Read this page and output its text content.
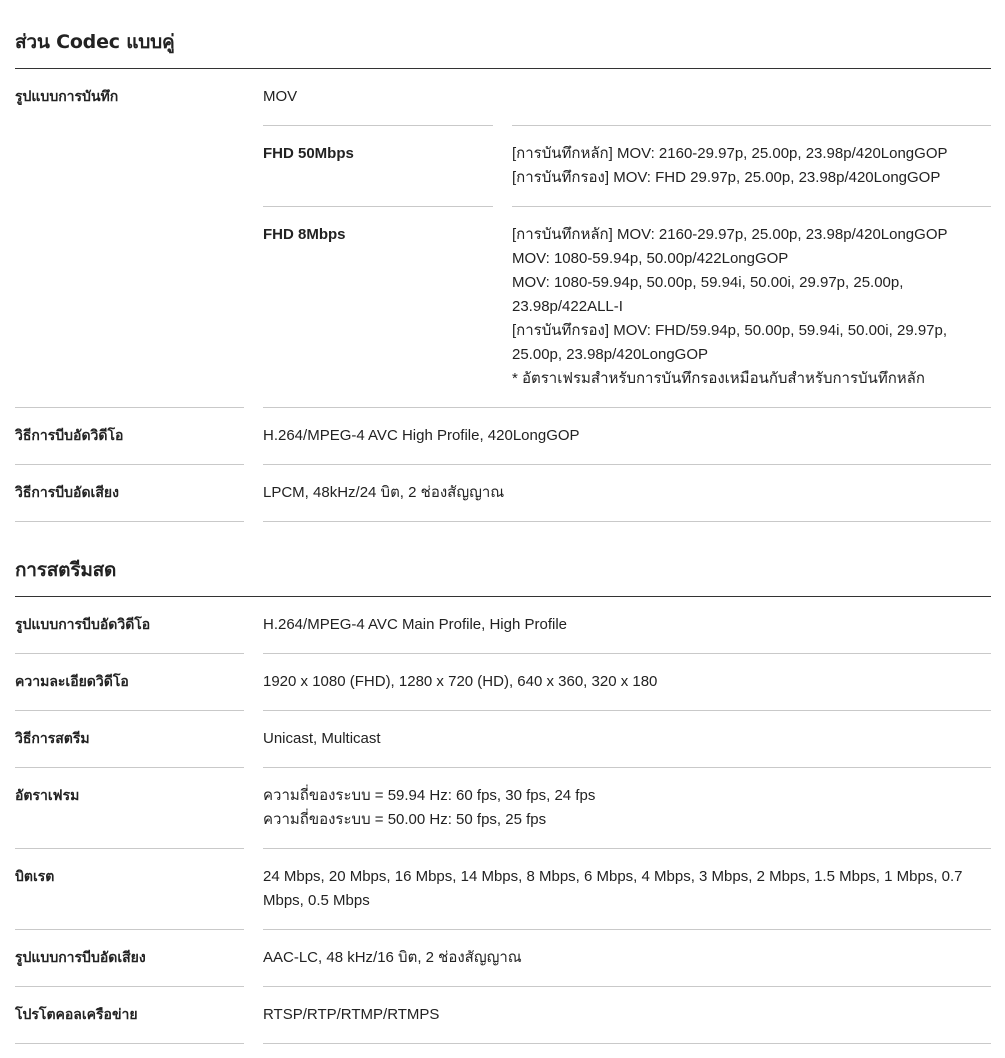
ส่วน Codec แบบคู่
รูปแบบการบันทึก	MOV
FHD 50Mbps	[การบันทึกหลัก] MOV: 2160-29.97p, 25.00p, 23.98p/420LongGOP
[การบันทึกรอง] MOV: FHD 29.97p, 25.00p, 23.98p/420LongGOP
FHD 8Mbps	[การบันทึกหลัก] MOV: 2160-29.97p, 25.00p, 23.98p/420LongGOP
MOV: 1080-59.94p, 50.00p/422LongGOP
MOV: 1080-59.94p, 50.00p, 59.94i, 50.00i, 29.97p, 25.00p, 23.98p/422ALL-I
[การบันทึกรอง] MOV: FHD/59.94p, 50.00p, 59.94i, 50.00i, 29.97p, 25.00p, 23.98p/420LongGOP
* อัตราเฟรมสำหรับการบันทึกรองเหมือนกับสำหรับการบันทึกหลัก
วิธีการบีบอัดวิดีโอ	H.264/MPEG-4 AVC High Profile, 420LongGOP
วิธีการบีบอัดเสียง	LPCM, 48kHz/24 บิต, 2 ช่องสัญญาณ
การสตรีมสด
รูปแบบการบีบอัดวิดีโอ	H.264/MPEG-4 AVC Main Profile, High Profile
ความละเอียดวิดีโอ	1920 x 1080 (FHD), 1280 x 720 (HD), 640 x 360, 320 x 180
วิธีการสตรีม	Unicast, Multicast
อัตราเฟรม	ความถี่ของระบบ = 59.94 Hz: 60 fps, 30 fps, 24 fps
ความถี่ของระบบ = 50.00 Hz: 50 fps, 25 fps
บิตเรต	24 Mbps, 20 Mbps, 16 Mbps, 14 Mbps, 8 Mbps, 6 Mbps, 4 Mbps, 3 Mbps, 2 Mbps, 1.5 Mbps, 1 Mbps, 0.7 Mbps, 0.5 Mbps
รูปแบบการบีบอัดเสียง	AAC-LC, 48 kHz/16 บิต, 2 ช่องสัญญาณ
โปรโตคอลเครือข่าย	RTSP/RTP/RTMP/RTMPS
